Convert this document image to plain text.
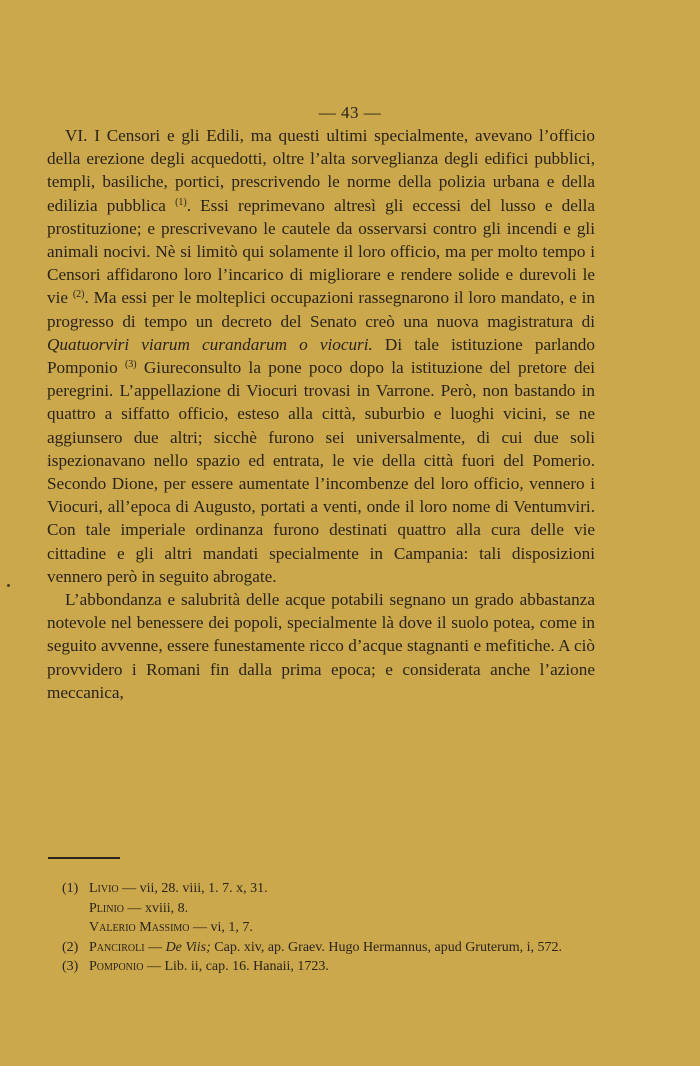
— 43 —

VI. I Censori e gli Edili, ma questi ultimi specialmente, avevano l’officio della erezione degli acquedotti, oltre l’alta sorveglianza degli edifici pubblici, templi, basiliche, portici, prescrivendo le norme della polizia urbana e della edilizia pubblica $^{(1)}$. Essi reprimevano altresì gli eccessi del lusso e della prostituzione; e prescrivevano le cautele da osservarsi contro gli incendi e gli animali nocivi. Nè si limitò qui solamente il loro officio, ma per molto tempo i Censori affidarono loro l’incarico di migliorare e rendere solide e durevoli le vie $^{(2)}$. Ma essi per le molteplici occupazioni rassegnarono il loro mandato, e in progresso di tempo un decreto del Senato creò una nuova magistratura di Quatuorviri viarum curandarum o viocuri. Di tale istituzione parlando Pomponio $^{(3)}$ Giureconsulto la pone poco dopo la istituzione del pretore dei peregrini. L’appellazione di Viocuri trovasi in Varrone. Però, non bastando in quattro a siffatto officio, esteso alla città, suburbio e luoghi vicini, se ne aggiunsero due altri; sicchè furono sei universalmente, di cui due soli ispezionavano nello spazio ed entrata, le vie della città fuori del Pomerio. Secondo Dione, per essere aumentate l’incombenze del loro officio, vennero i Viocuri, all’epoca di Augusto, portati a venti, onde il loro nome di Ventumviri. Con tale imperiale ordinanza furono destinati quattro alla cura delle vie cittadine e gli altri mandati specialmente in Campania: tali disposizioni vennero però in seguito abrogate.

L’abbondanza e salubrità delle acque potabili segnano un grado abbastanza notevole nel benessere dei popoli, specialmente là dove il suolo potea, come in seguito avvenne, essere funestamente ricco d’acque stagnanti e mefitiche. A ciò provvidero i Romani fin dalla prima epoca; e considerata anche l’azione meccanica,

(1) Livio — vii, 28. viii, 1. 7. x, 31.
Plinio — xviii, 8.
Valerio Massimo — vi, 1, 7.
(2) Panciroli — De Viis; Cap. xiv, ap. Graev. Hugo Hermannus, apud Gruterum, i, 572.
(3) Pomponio — Lib. ii, cap. 16. Hanaii, 1723.
